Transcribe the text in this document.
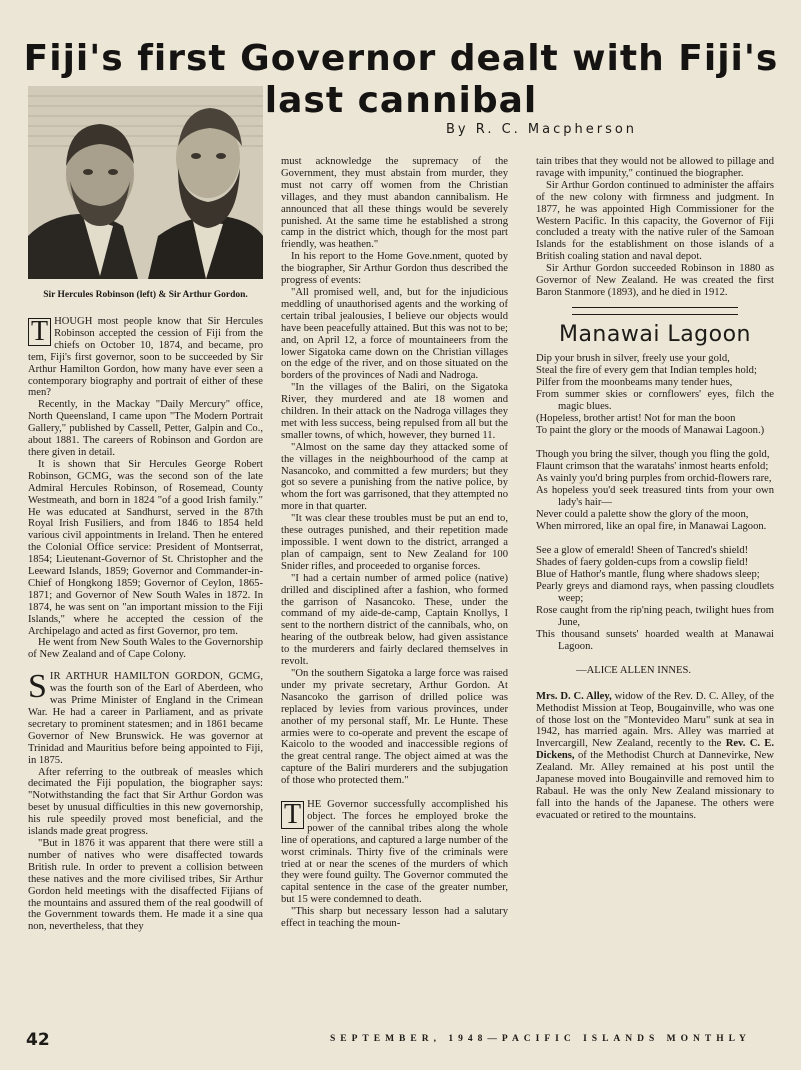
Fiji's first Governor dealt with Fiji's last cannibal
By R. C. Macpherson
Sir Hercules Robinson (left) & Sir Arthur Gordon.

T HOUGH most people know that Sir Hercules Robinson accepted the cession of Fiji from the chiefs on October 10, 1874, and became, pro tem, Fiji's first governor, soon to be succeeded by Sir Arthur Hamilton Gordon, how many have ever seen a contemporary biography and portrait of either of these men?

Recently, in the Mackay "Daily Mercury" office, North Queensland, I came upon "The Modern Portrait Gallery," published by Cassell, Petter, Galpin and Co., about 1881. The careers of Robinson and Gordon are there given in detail.

It is shown that Sir Hercules George Robert Robinson, GCMG, was the second son of the late Admiral Hercules Robinson, of Rosemead, County Westmeath, and born in 1824 "of a good Irish family." He was educated at Sandhurst, served in the 87th Royal Irish Fusiliers, and from 1846 to 1854 held various civil appointments in Ireland. Then he entered the Colonial Office service: President of Montserrat, 1854; Lieutenant-Governor of St. Christopher and the Leeward Islands, 1859; Governor and Commander-in-Chief of Hongkong 1859; Governor of Ceylon, 1865-1871; and Governor of New South Wales in 1872. In 1874, he was sent on "an important mission to the Fiji Islands," where he accepted the cession of the Archipelago and acted as first Governor, pro tem.

He went from New South Wales to the Governorship of New Zealand and of Cape Colony.

SIR ARTHUR HAMILTON GORDON, GCMG, was the fourth son of the Earl of Aberdeen, who was Prime Minister of England in the Crimean War. He had a career in Parliament, and as private secretary to prominent statesmen; and in 1861 became Governor of New Brunswick. He was governor at Trinidad and Mauritius before being appointed to Fiji, in 1875.

After referring to the outbreak of measles which decimated the Fiji population, the biographer says: "Notwithstanding the fact that Sir Arthur Gordon was beset by unusual difficulties in this new governorship, his rule speedily proved most beneficial, and the islands made great progress.

"But in 1876 it was apparent that there were still a number of natives who were disaffected towards British rule. In order to prevent a collision between these natives and the more civilised tribes, Sir Arthur Gordon held meetings with the disaffected Fijians of the mountains and assured them of the real goodwill of the Government towards them. He made it a sine qua non, nevertheless, that they

must acknowledge the supremacy of the Government, they must abstain from murder, they must not carry off women from the Christian villages, and they must abandon cannibalism. He announced that all these things would be severely punished. At the same time he established a strong camp in the district which, though for the most part friendly, was heathen."

In his report to the Home Gove.nment, quoted by the biographer, Sir Arthur Gordon thus described the progress of events:

"All promised well, and, but for the injudicious meddling of unauthorised agents and the working of certain tribal jealousies, I believe our objects would have been peacefully attained. But this was not to be; and, on April 12, a force of mountaineers from the lower Sigatoka came down on the Christian villages on the edge of the river, and on those situated on the borders of the provinces of Nadi and Nadroga.

"In the villages of the Baliri, on the Sigatoka River, they murdered and ate 18 women and children. In their attack on the Nadroga villages they met with less success, being repulsed from all but the smaller towns, of which, however, they burned 11.

"Almost on the same day they attacked some of the villages in the neighbourhood of the camp at Nasancoko, and committed a few murders; but they got so severe a punishing from the native police, by whom the fort was garrisoned, that they attempted no more in that quarter.

"It was clear these troubles must be put an end to, these outrages punished, and their repetition made impossible. I went down to the district, arranged a plan of campaign, sent to New Zealand for 100 Snider rifles, and proceeded to organise forces.

"I had a certain number of armed police (native) drilled and disciplined after a fashion, who formed the garrison of Nasancoko. These, under the command of my aide-de-camp, Captain Knollys, I sent to the northern district of the cannibals, who, on hearing of the outbreak below, had given assistance to the murderers and fairly declared themselves in revolt.

"On the southern Sigatoka a large force was raised under my private secretary, Arthur Gordon. At Nasancoko the garrison of drilled police was replaced by levies from various provinces, under another of my personal staff, Mr. Le Hunte. These armies were to co-operate and prevent the escape of Kaicolo to the wooded and inaccessible regions of the great central range. The object aimed at was the capture of the Baliri murderers and the subjugation of those who protected them."

T HE Governor successfully accomplished his object. The forces he employed broke the power of the cannibal tribes along the whole line of operations, and captured a large number of the worst criminals. Thirty five of the criminals were tried at or near the scenes of the murders of which they were found guilty. The Governor commuted the capital sentence in the case of the greater number, but 15 were condemned to death.

"This sharp but necessary lesson had a salutary effect in teaching the moun-

tain tribes that they would not be allowed to pillage and ravage with impunity," continued the biographer.

Sir Arthur Gordon continued to administer the affairs of the new colony with firmness and judgment. In 1877, he was appointed High Commissioner for the Western Pacific. In this capacity, the Governor of Fiji concluded a treaty with the native ruler of the Samoan Islands for the establishment on those islands of a British coaling station and naval depot.

Sir Arthur Gordon succeeded Robinson in 1880 as Governor of New Zealand. He was created the first Baron Stanmore (1893), and he died in 1912.

Manawai Lagoon
Dip your brush in silver, freely use your gold,
Steal the fire of every gem that Indian temples hold;
Pilfer from the moonbeams many tender hues,
From summer skies or cornflowers' eyes, filch the magic blues.
(Hopeless, brother artist! Not for man the boon
To paint the glory or the moods of Manawai Lagoon.)
Though you bring the silver, though you fling the gold,
Flaunt crimson that the waratahs' inmost hearts enfold;
As vainly you'd bring purples from orchid-flowers rare,
As hopeless you'd seek treasured tints from your own lady's hair—
Never could a palette show the glory of the moon,
When mirrored, like an opal fire, in Manawai Lagoon.
See a glow of emerald! Sheen of Tancred's shield!
Shades of faery golden-cups from a cowslip field!
Blue of Hathor's mantle, flung where shadows sleep;
Pearly greys and diamond rays, when passing cloudlets weep;
Rose caught from the rip'ning peach, twilight hues from June,
This thousand sunsets' hoarded wealth at Manawai Lagoon.
—ALICE ALLEN INNES.

Mrs. D. C. Alley, widow of the Rev. D. C. Alley, of the Methodist Mission at Teop, Bougainville, who was one of those lost on the "Montevideo Maru" sunk at sea in 1942, has married again. Mrs. Alley was married at Invercargill, New Zealand, recently to the Rev. C. E. Dickens, of the Methodist Church at Dannevirke, New Zealand. Mr. Alley remained at his post until the Japanese moved into Bougainville and removed him to Rabaul. He was the only New Zealand missionary to fall into the hands of the Japanese. The others were evacuated or retired to the mountains.

42	SEPTEMBER, 1948—PACIFIC ISLANDS MONTHLY
